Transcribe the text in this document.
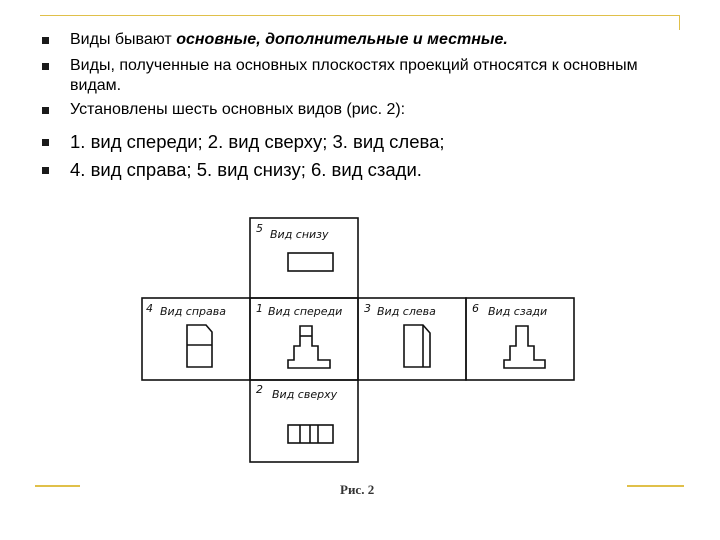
Виды бывают основные, дополнительные и местные.
Виды, полученные на основных плоскостях проекций относятся к основным видам.
Установлены шесть основных видов (рис. 2):
1. вид спереди; 2. вид сверху; 3. вид слева;
4. вид справа; 5. вид снизу; 6. вид сзади.
5 Вид снизу
4 Вид справа	1 Вид спереди 3 Вид слева	6 Вид сзади
2 Вид сверху
Рис. 2
